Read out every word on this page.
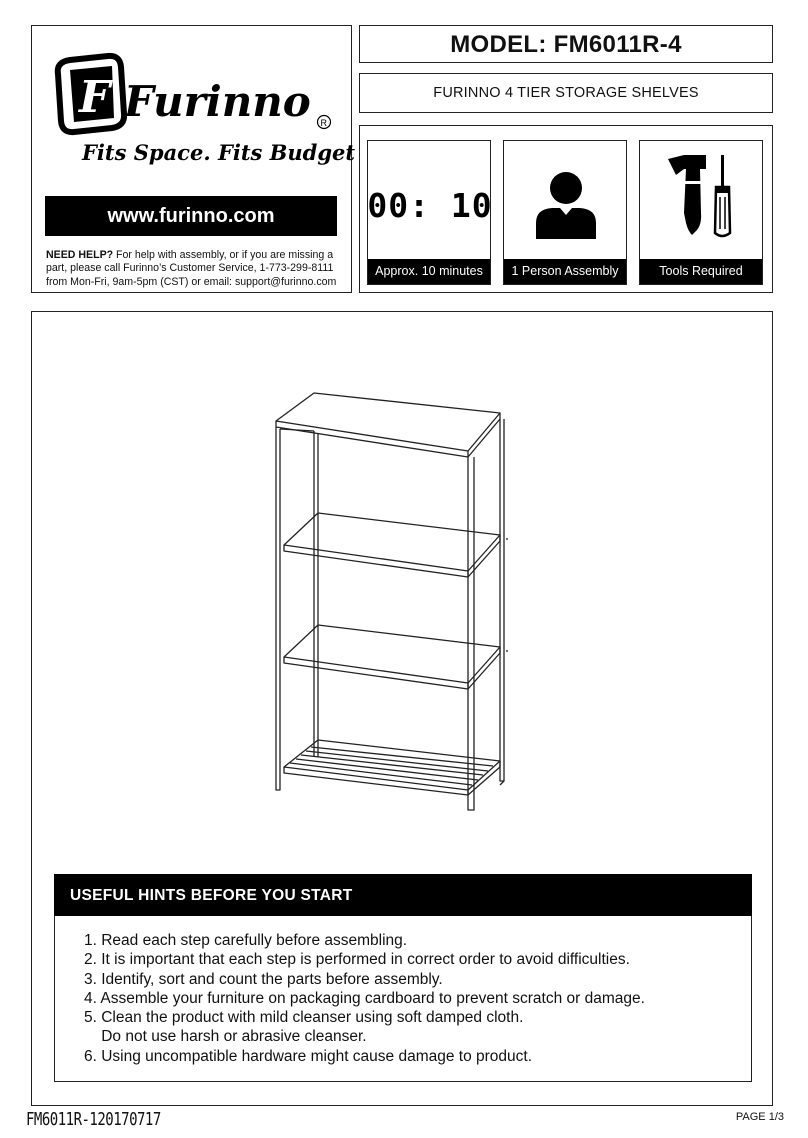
F Furinno R
Fits Space. Fits Budget
www.furinno.com
NEED HELP? For help with assembly, or if you are missing a
part, please call Furinno’s Customer Service, 1-773-299-8111
from Mon-Fri, 9am-5pm (CST) or email: support@furinno.com
MODEL: FM6011R-4
FURINNO 4 TIER STORAGE SHELVES
00: 10
Approx. 10 minutes	1 Person Assembly	Tools Required
USEFUL HINTS BEFORE YOU START
1. Read each step carefully before assembling.
2. It is important that each step is performed in correct order to avoid difficulties.
3. Identify, sort and count the parts before assembly.
4. Assemble your furniture on packaging cardboard to prevent scratch or damage.
5. Clean the product with mild cleanser using soft damped cloth.
Do not use harsh or abrasive cleanser.
6. Using uncompatible hardware might cause damage to product.
FM6011R-120170717	PAGE 1/3
